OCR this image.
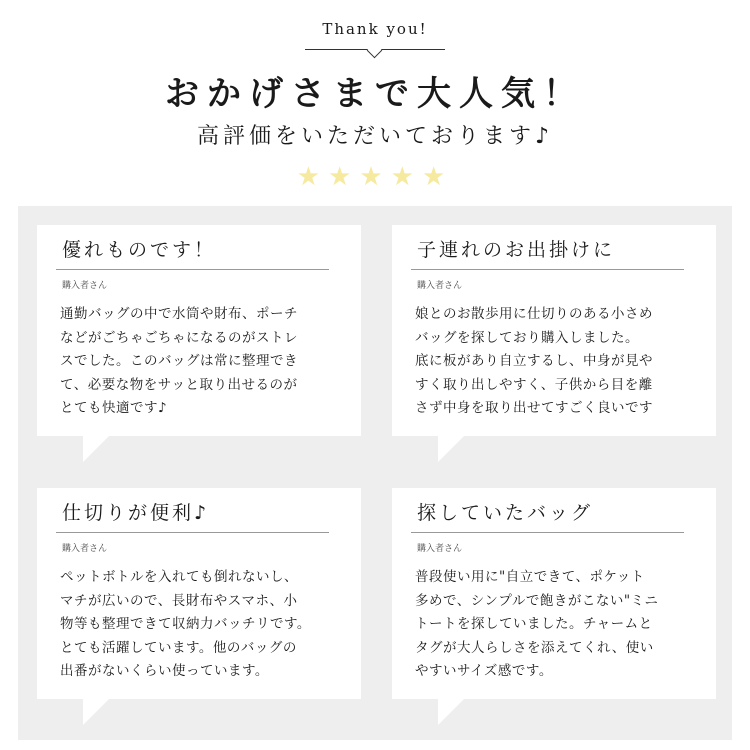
Thank you!
おかげさまで大人気！
高評価をいただいております♪
★★★★★
優れものです！
購入者さん
通勤バッグの中で水筒や財布、ポーチ
などがごちゃごちゃになるのがストレ
スでした。このバッグは常に整理でき
て、必要な物をサッと取り出せるのが
とても快適です♪
子連れのお出掛けに
購入者さん
娘とのお散歩用に仕切りのある小さめ
バッグを探しており購入しました。
底に板があり自立するし、中身が見や
すく取り出しやすく、子供から目を離
さず中身を取り出せてすごく良いです
仕切りが便利♪
購入者さん
ペットボトルを入れても倒れないし、
マチが広いので、長財布やスマホ、小
物等も整理できて収納力バッチリです。
とても活躍しています。他のバッグの
出番がないくらい使っています。
探していたバッグ
購入者さん
普段使い用に"自立できて、ポケット
多めで、シンプルで飽きがこない"ミニ
トートを探していました。チャームと
タグが大人らしさを添えてくれ、使い
やすいサイズ感です。
